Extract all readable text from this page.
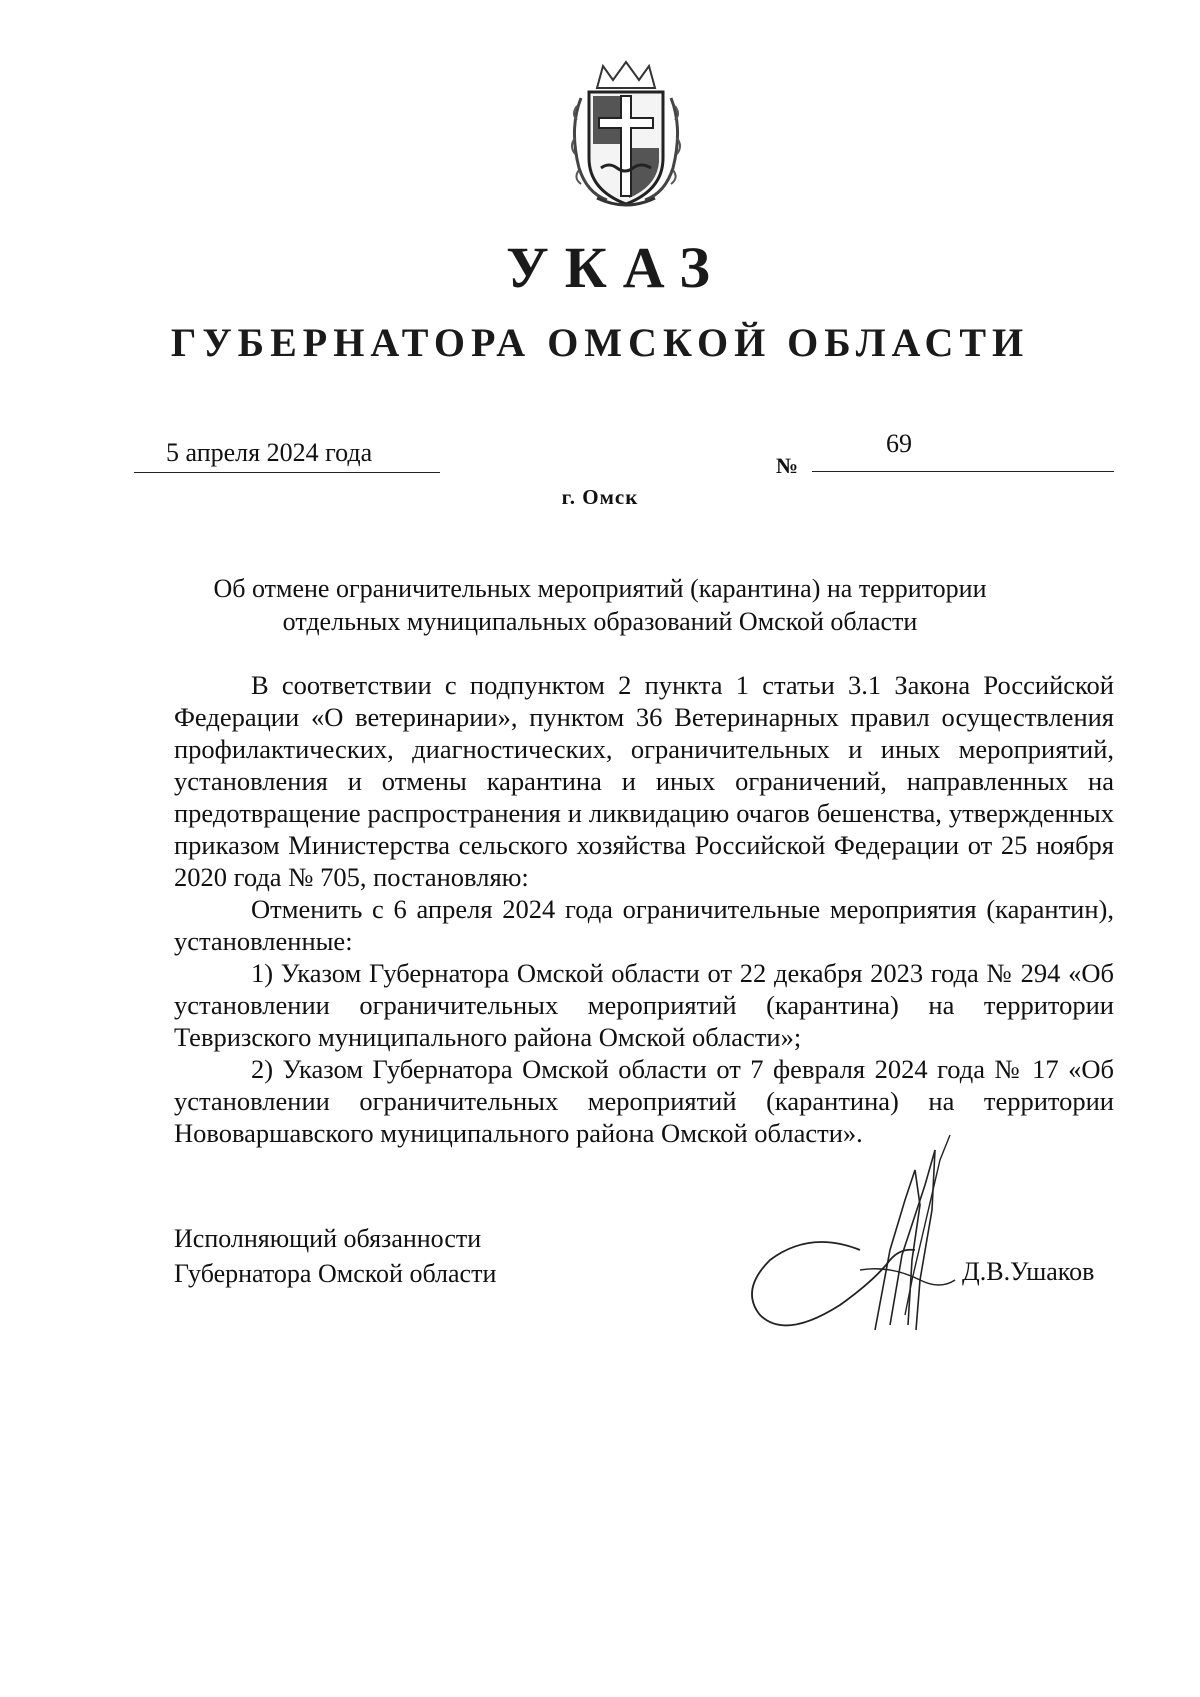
УКАЗ
ГУБЕРНАТОРА ОМСКОЙ ОБЛАСТИ
5 апреля 2024 года	№
69
г. Омск
Об отмене ограничительных мероприятий (карантина) на территории
отдельных муниципальных образований Омской области

В соответствии с подпунктом 2 пункта 1 статьи 3.1 Закона Российской Федерации «О ветеринарии», пунктом 36 Ветеринарных правил осуществления профилактических, диагностических, ограничительных и иных мероприятий, установления и отмены карантина и иных ограничений, направленных на предотвращение распространения и ликвидацию очагов бешенства, утвержденных приказом Министерства сельского хозяйства Российской Федерации от 25 ноября 2020 года № 705, постановляю:

Отменить с 6 апреля 2024 года ограничительные мероприятия (карантин), установленные:

1) Указом Губернатора Омской области от 22 декабря 2023 года № 294 «Об установлении ограничительных мероприятий (карантина) на территории Тевризского муниципального района Омской области»;

2) Указом Губернатора Омской области от 7 февраля 2024 года № 17 «Об установлении ограничительных мероприятий (карантина) на территории Нововаршавского муниципального района Омской области».

Исполняющий обязанности
Губернатора Омской области	Д.В.Ушаков
